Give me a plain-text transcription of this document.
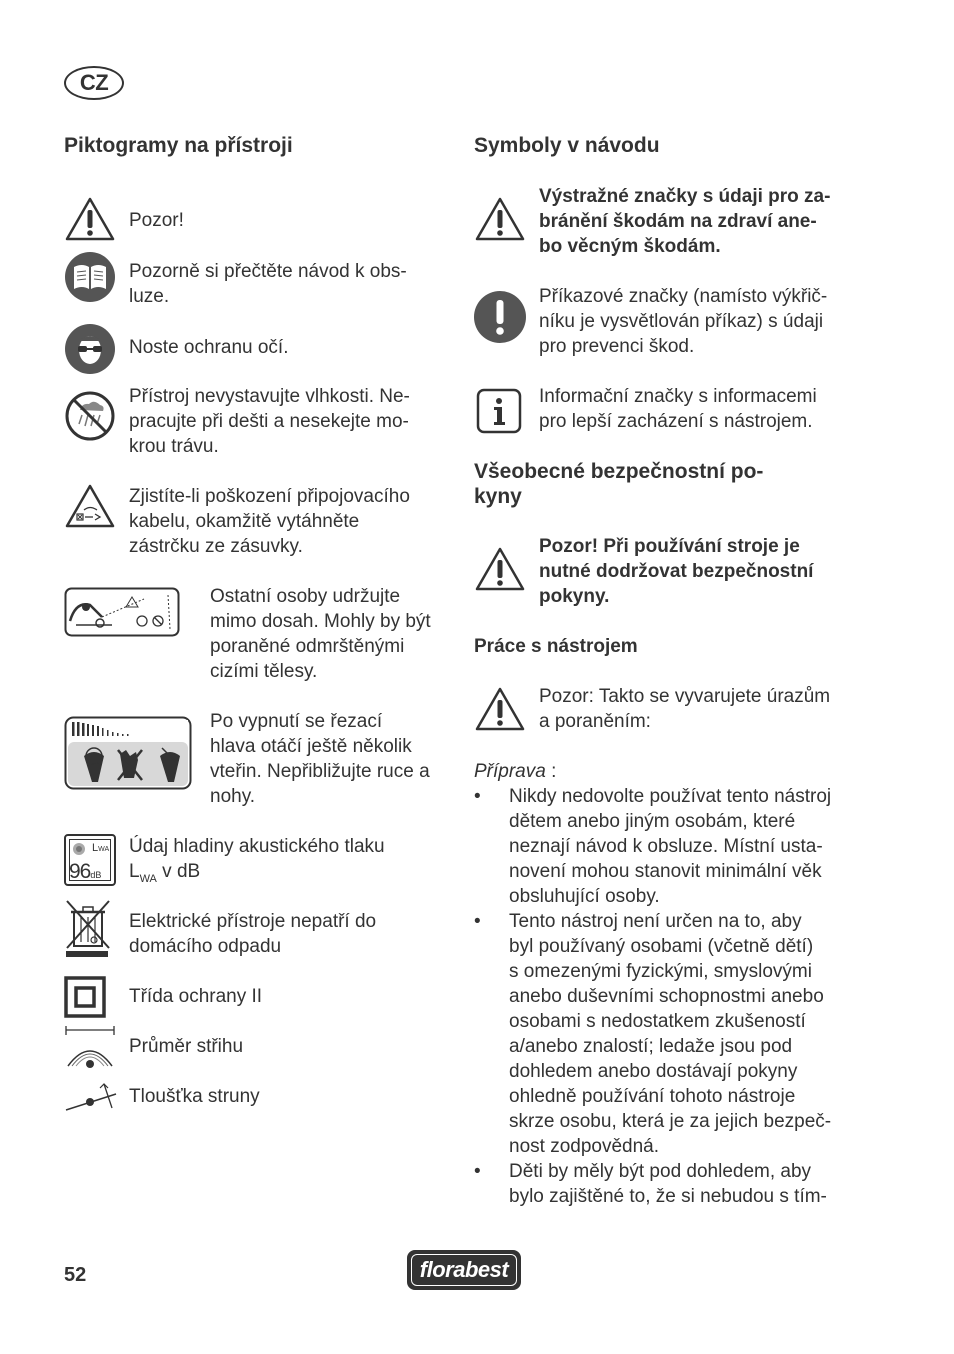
CZ
Piktogramy na přístroji
Pozor!
Pozorně si přečtěte návod k obs-
luze.
Noste ochranu očí.
Přístroj nevystavujte vlhkosti. Ne-
pracujte při dešti a nesekejte mo-
krou trávu.
Zjistíte-li poškození připojovacího
kabelu, okamžitě vytáhněte
zástrčku ze zásuvky.
Ostatní osoby udržujte
mimo dosah. Mohly by být
poraněné odmrštěnými
cizími tělesy.
Po vypnutí se řezací
hlava otáčí ještě několik
vteřin. Nepřibližujte ruce a
nohy.
LWA
96dB
Údaj hladiny akustického tlaku
$L_{WA}$ v dB
Elektrické přístroje nepatří do
domácího odpadu
Třída ochrany II
Průměr střihu
Tloušťka struny
Symboly v návodu
Výstražné značky s údaji pro za-
bránění škodám na zdraví ane-
bo věcným škodám.
Příkazové značky (namísto výkřič-
níku je vysvětlován příkaz) s údaji
pro prevenci škod.
Informační značky s informacemi
pro lepší zacházení s nástrojem.
Všeobecné bezpečnostní po-
kyny
Pozor! Při používání stroje je
nutné dodržovat bezpečnostní
pokyny.
Práce s nástrojem
Pozor: Takto se vyvarujete úrazům
a poraněním:
Příprava :
• Nikdy nedovolte používat tento nástroj
dětem anebo jiným osobám, které
neznají návod k obsluze. Místní usta-
novení mohou stanovit minimální věk
obsluhující osoby.
• Tento nástroj není určen na to, aby
byl používaný osobami (včetně dětí)
s omezenými fyzickými, smyslovými
anebo duševními schopnostmi anebo
osobami s nedostatkem zkušeností
a/anebo znalostí; ledaže jsou pod
dohledem anebo dostávají pokyny
ohledně používání tohoto nástroje
skrze osobu, která je za jejich bezpeč-
nost zodpovědná.
• Děti by měly být pod dohledem, aby
bylo zajištěné to, že si nebudou s tím-
52	florabest
